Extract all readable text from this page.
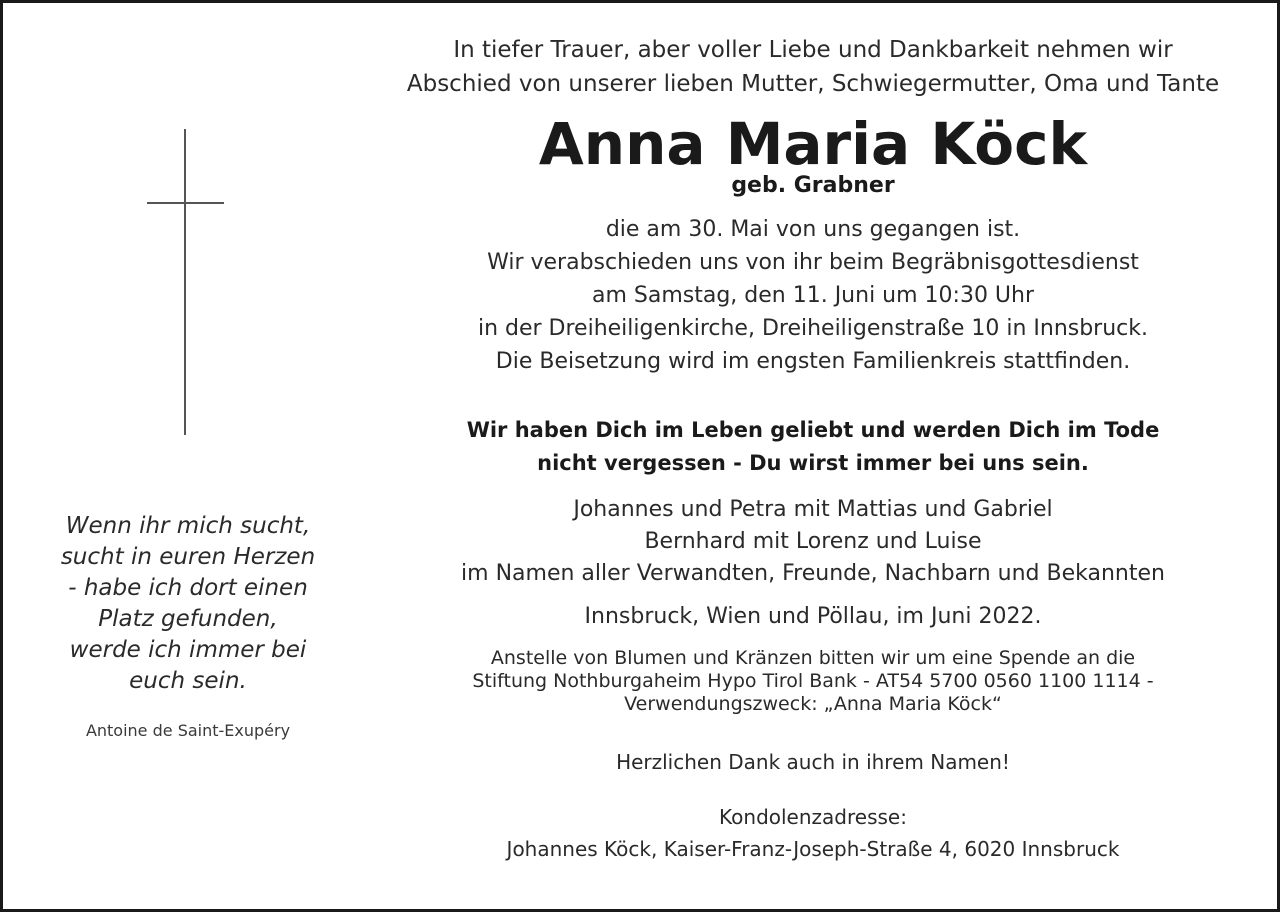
Wenn ihr mich sucht,
sucht in euren Herzen
- habe ich dort einen
Platz gefunden,
werde ich immer bei
euch sein.
Antoine de Saint-Exupéry
In tiefer Trauer, aber voller Liebe und Dankbarkeit nehmen wir
Abschied von unserer lieben Mutter, Schwiegermutter, Oma und Tante
Anna Maria Köck
geb. Grabner
die am 30. Mai von uns gegangen ist.
Wir verabschieden uns von ihr beim Begräbnisgottesdienst
am Samstag, den 11. Juni um 10:30 Uhr
in der Dreiheiligenkirche, Dreiheiligenstraße 10 in Innsbruck.
Die Beisetzung wird im engsten Familienkreis stattfinden.
Wir haben Dich im Leben geliebt und werden Dich im Tode
nicht vergessen - Du wirst immer bei uns sein.
Johannes und Petra mit Mattias und Gabriel
Bernhard mit Lorenz und Luise
im Namen aller Verwandten, Freunde, Nachbarn und Bekannten
Innsbruck, Wien und Pöllau, im Juni 2022.
Anstelle von Blumen und Kränzen bitten wir um eine Spende an die
Stiftung Nothburgaheim Hypo Tirol Bank - AT54 5700 0560 1100 1114 -
Verwendungszweck: „Anna Maria Köck“
Herzlichen Dank auch in ihrem Namen!
Kondolenzadresse:
Johannes Köck, Kaiser-Franz-Joseph-Straße 4, 6020 Innsbruck
